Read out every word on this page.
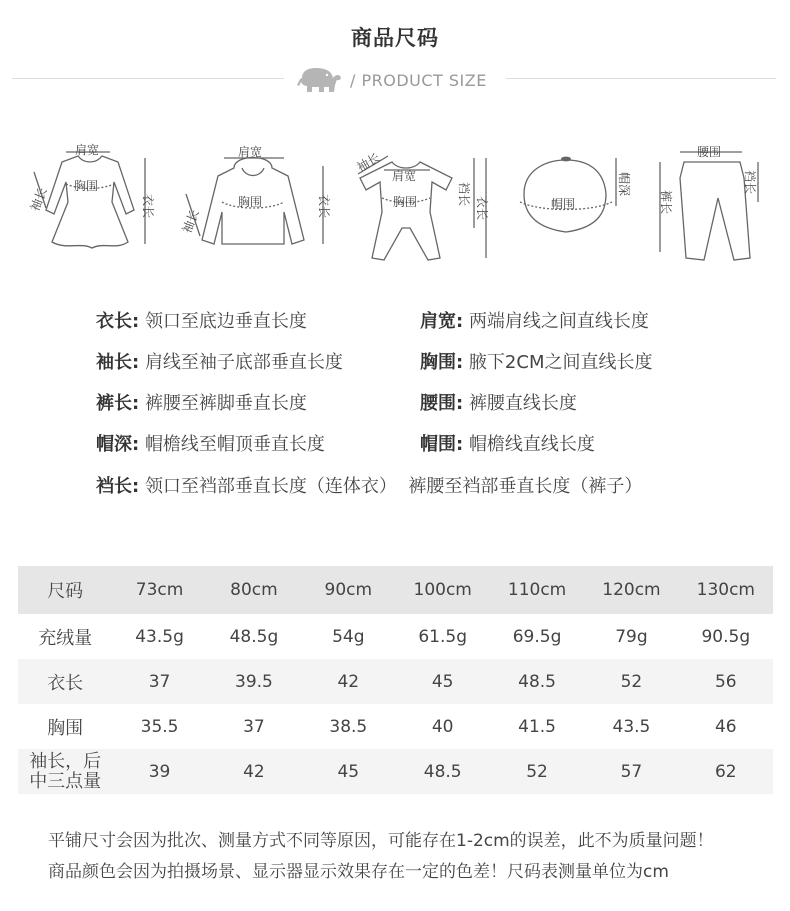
商品尺码
/ PRODUCT SIZE
肩宽
胸围
袖长	衣长
肩宽
胸围
袖长
衣长
袖长
肩宽
胸围	裆长
衣长	帽围
帽深
腰围
裤长
裆长
衣长: 领口至底边垂直长度	肩宽: 两端肩线之间直线长度
袖长: 肩线至袖子底部垂直长度	胸围: 腋下2CM之间直线长度
裤长: 裤腰至裤脚垂直长度	腰围: 裤腰直线长度
帽深: 帽檐线至帽顶垂直长度	帽围: 帽檐线直线长度
裆长: 领口至裆部垂直长度（连体衣）  裤腰至裆部垂直长度（裤子）
尺码	73cm	80cm	90cm	100cm	110cm	120cm	130cm
充绒量	43.5g	48.5g	54g	61.5g	69.5g	79g	90.5g
衣长	37	39.5	42	45	48.5	52	56
胸围	35.5	37	38.5	40	41.5	43.5	46
袖长，后中三点量	39	42	45	48.5	52	57	62
平铺尺寸会因为批次、测量方式不同等原因，可能存在1-2cm的误差，此不为质量问题！
商品颜色会因为拍摄场景、显示器显示效果存在一定的色差！尺码表测量单位为cm
